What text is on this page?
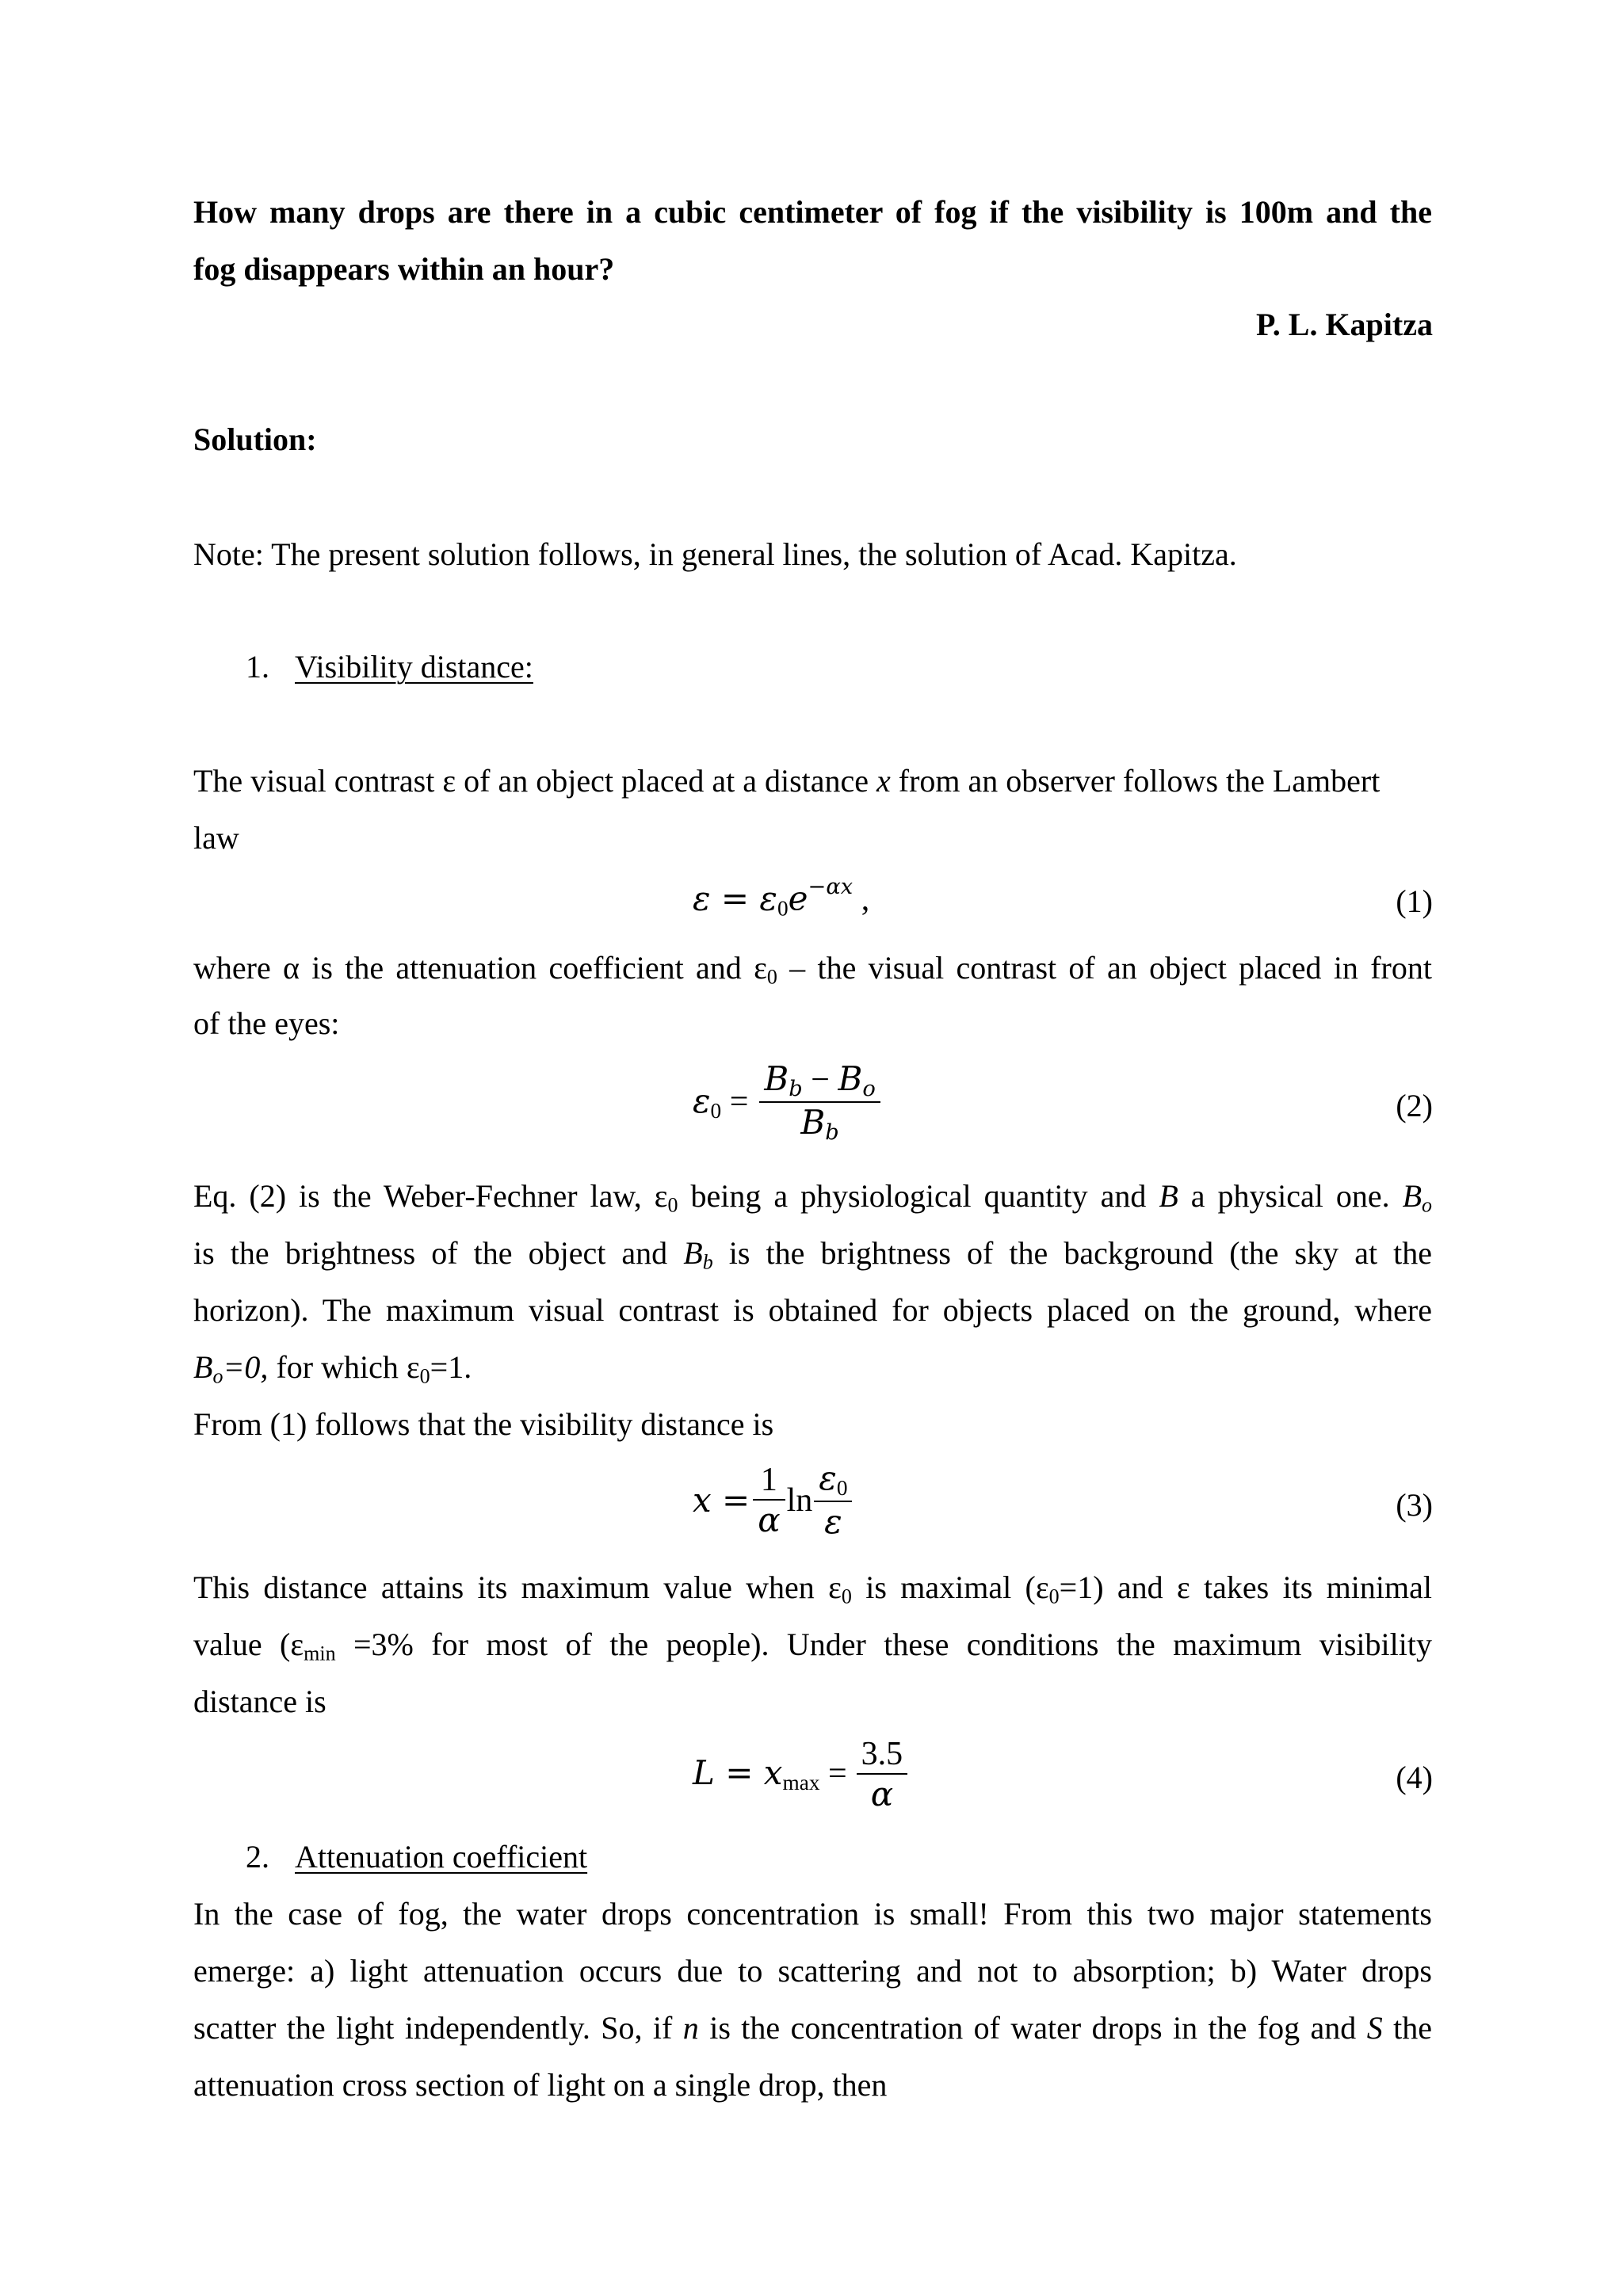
How many drops are there in a cubic centimeter of fog if the visibility is 100m and the
fog disappears within an hour?
P. L. Kapitza
Solution:
Note: The present solution follows, in general lines, the solution of Acad. Kapitza.
1. Visibility distance:
The visual contrast ε of an object placed at a distance x from an observer follows the Lambert
law
$\varepsilon = \varepsilon_0e^{-\alpha x}$ ,	(1)
where α is the attenuation coefficient and $\varepsilon_0$ – the visual contrast of an object placed in front
of the eyes:
$\varepsilon_0 = \frac{B_b - B_o}{B_b}$	(2)
Eq. (2) is the Weber-Fechner law, $\varepsilon_0$ being a physiological quantity and B a physical one. $B_o$
is the brightness of the object and $B_b$ is the brightness of the background (the sky at the
horizon). The maximum visual contrast is obtained for objects placed on the ground, where
$B_o=0$, for which $\varepsilon_0=1$.
From (1) follows that the visibility distance is
$x = \frac{1}{\alpha}$ $\ln \frac{\varepsilon_0}{\varepsilon}$	(3)
This distance attains its maximum value when $\varepsilon_0$ is maximal $(\varepsilon_0=1)$ and ε takes its minimal
value ($\varepsilon_{min} =3\%$ for most of the people). Under these conditions the maximum visibility
distance is
$L = x_{max} = \frac{3.5}{\alpha}$	(4)
2. Attenuation coefficient
In the case of fog, the water drops concentration is small! From this two major statements
emerge: a) light attenuation occurs due to scattering and not to absorption; b) Water drops
scatter the light independently. So, if n is the concentration of water drops in the fog and S the
attenuation cross section of light on a single drop, then
